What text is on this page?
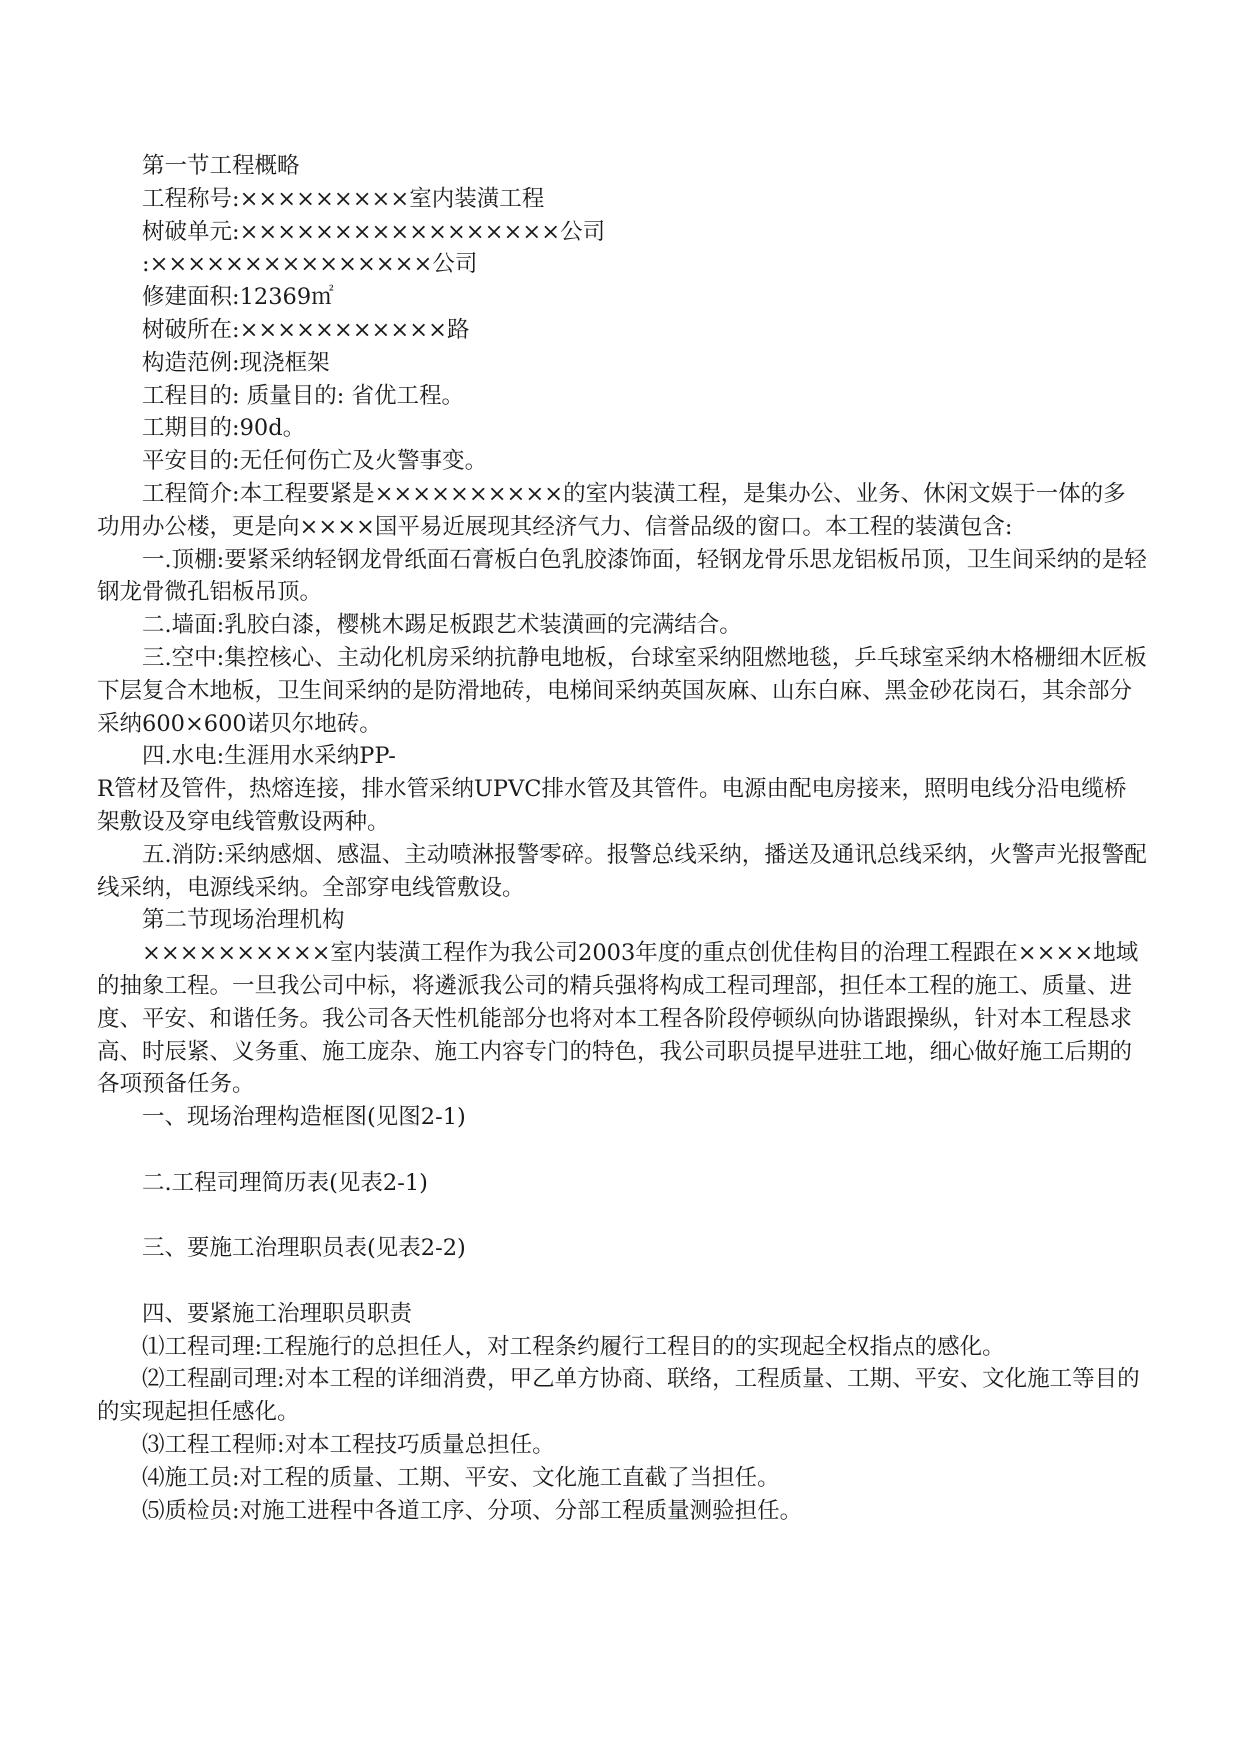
第一节工程概略

工程称号:×××××××××室内装潢工程

树破单元:×××××××××××××××××公司

:×××××××××××××××公司

修建面积:12369㎡

树破所在:×××××××××××路

构造范例:现浇框架

工程目的: 质量目的: 省优工程。

工期目的:90d。

平安目的:无任何伤亡及火警事变。

工程简介:本工程要紧是××××××××××的室内装潢工程，是集办公、业务、休闲文娱于一体的多功用办公楼，更是向××××国平易近展现其经济气力、信誉品级的窗口。本工程的装潢包含:

一.顶棚:要紧采纳轻钢龙骨纸面石膏板白色乳胶漆饰面，轻钢龙骨乐思龙铝板吊顶，卫生间采纳的是轻钢龙骨微孔铝板吊顶。

二.墙面:乳胶白漆，樱桃木踢足板跟艺术装潢画的完满结合。

三.空中:集控核心、主动化机房采纳抗静电地板，台球室采纳阻燃地毯，乒乓球室采纳木格栅细木匠板下层复合木地板，卫生间采纳的是防滑地砖，电梯间采纳英国灰麻、山东白麻、黑金砂花岗石，其余部分采纳600×600诺贝尔地砖。

四.水电:生涯用水采纳PP-

R管材及管件，热熔连接，排水管采纳UPVC排水管及其管件。电源由配电房接来，照明电线分沿电缆桥架敷设及穿电线管敷设两种。

五.消防:采纳感烟、感温、主动喷淋报警零碎。报警总线采纳，播送及通讯总线采纳，火警声光报警配线采纳，电源线采纳。全部穿电线管敷设。

第二节现场治理机构

××××××××××室内装潢工程作为我公司2003年度的重点创优佳构目的治理工程跟在××××地域的抽象工程。一旦我公司中标，将遴派我公司的精兵强将构成工程司理部，担任本工程的施工、质量、进度、平安、和谐任务。我公司各天性机能部分也将对本工程各阶段停顿纵向协谐跟操纵，针对本工程恳求高、时辰紧、义务重、施工庞杂、施工内容专门的特色，我公司职员提早进驻工地，细心做好施工后期的各项预备任务。

一、现场治理构造框图(见图2-1)

二.工程司理简历表(见表2-1)

三、要施工治理职员表(见表2-2)

四、要紧施工治理职员职责

⑴工程司理:工程施行的总担任人，对工程条约履行工程目的的实现起全权指点的感化。

⑵工程副司理:对本工程的详细消费，甲乙单方协商、联络，工程质量、工期、平安、文化施工等目的的实现起担任感化。

⑶工程工程师:对本工程技巧质量总担任。

⑷施工员:对工程的质量、工期、平安、文化施工直截了当担任。

⑸质检员:对施工进程中各道工序、分项、分部工程质量测验担任。
